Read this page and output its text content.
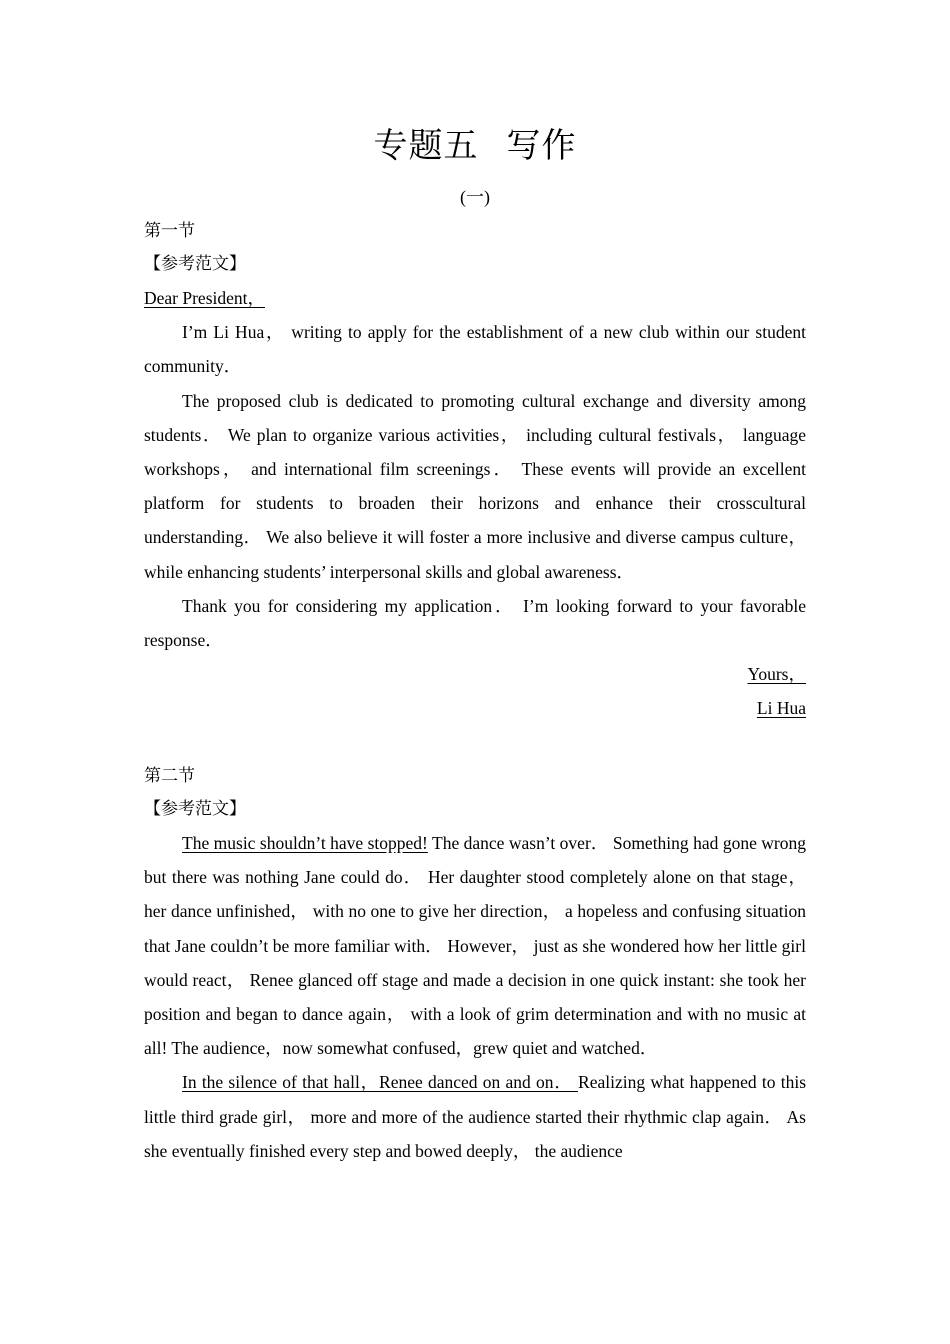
专题五 写作
(一)
第一节
【参考范文】
Dear President，

I’m Li Hua， writing to apply for the establishment of a new club within our student community．

The proposed club is dedicated to promoting cultural exchange and diversity among students． We plan to organize various activities， including cultural festivals， language workshops， and international film screenings． These events will provide an excellent platform for students to broaden their horizons and enhance their crosscultural understanding． We also believe it will foster a more inclusive and diverse campus culture， while enhancing students’ interpersonal skills and global awareness．

Thank you for considering my application． I’m looking forward to your favorable response．

Yours，
Li Hua
第二节
【参考范文】

The music shouldn’t have stopped! The dance wasn’t over． Something had gone wrong but there was nothing Jane could do． Her daughter stood completely alone on that stage， her dance unfinished， with no one to give her direction， a hopeless and confusing situation that Jane couldn’t be more familiar with． However， just as she wondered how her little girl would react， Renee glanced off stage and made a decision in one quick instant: she took her position and began to dance again， with a look of grim determination and with no music at all! The audience，now somewhat confused，grew quiet and watched．

In the silence of that hall，Renee danced on and on． Realizing what happened to this little third grade girl， more and more of the audience started their rhythmic clap again． As she eventually finished every step and bowed deeply， the audience
